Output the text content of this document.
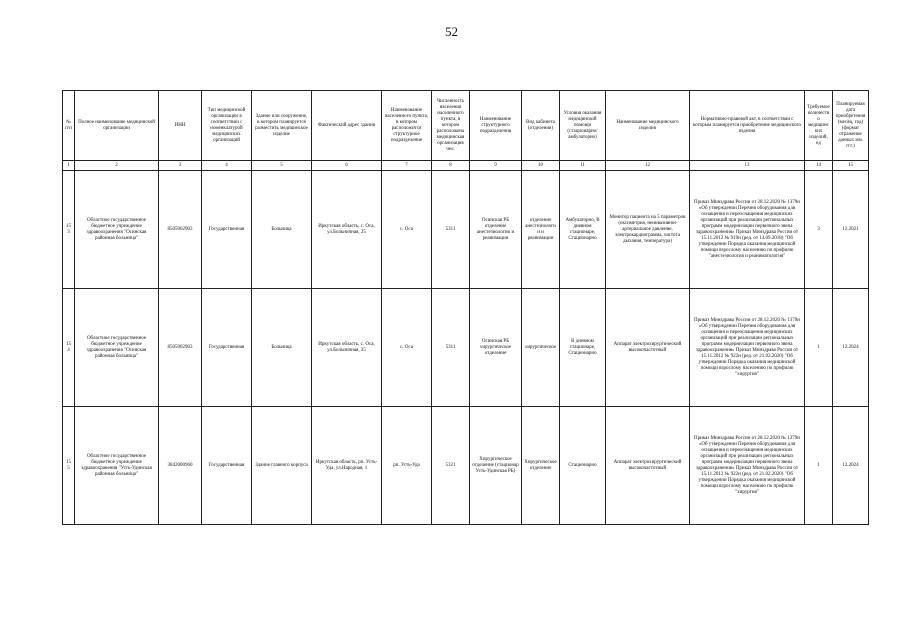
52
№ п/п	Полное наименование медицинской организации	ИНН	Тип медицинской организации в соответствии с номенклатурой медицинских организаций	Здание или сооружение, в котором планируется разместить медицинское изделие	Фактический адрес здания	Наименование населенного пункта, в котором расположится структурное подразделение	Численность населения населенного пункта, в котором расположена медицинская организация чел.	Наименование структурного подразделения	Вид кабинета (отделения)	Условия оказания медицинской помощи (стационарно/амбулаторно)	Наименование медицинского изделия	Нормативно-правовой акт, в соответствии с которым планируется приобретение медицинского изделия	Требуемое количество медицинских изделий, ед	Планируемая дата приобретения (месяц, год) (формат отражение данных мм. ггг.)
1	2	3	4	5	6	7	8	9	10	11	12	13	14	15
153	Областное государственное бюджетное учреждение здравоохранения "Осинская районная больница"	8505002903	Государственная	Больница	Иркутская область, с. Оса, ул.Больничная, 25	с. Оса	5311	Осинская РБ отделение анестезиологии и реанимации	отделение анестезиологии и реанимации	Амбулаторно, В дневном стационаре, Стационарно	Монитор пациента на 5 параметров (оксиметрия, неинвазивное артериальное давление, электрокардиограмма, частота дыхания, температура)	Приказ Минздрава России от 28.12.2020 № 1379н «Об утверждении Перечня оборудования для оснащения и переоснащения медицинских организаций при реализации региональных программ модернизации первичного звена здравоохранения» Приказ Минздрава России от 15.11.2012 № 919н (ред. от 14.09.2018) "Об утверждении Порядка оказания медицинской помощи взрослому населению по профилю "анестезиология и реаниматология"	3	12.2021
154	Областное государственное бюджетное учреждение здравоохранения "Осинская районная больница"	8505002903	Государственная	Больница	Иркутская область, с. Оса, ул.Больничная, 25	с. Оса	5311	Осинская РБ хирургическое отделение	хирургическое	В дневном стационаре, Стационарно	Аппарат электрохирургический высокочастотный	Приказ Минздрава России от 28.12.2020 № 1379н «Об утверждении Перечня оборудования для оснащения и переоснащения медицинских организаций при реализации региональных программ модернизации первичного звена здравоохранения» Приказ Минздрава России от 15.11.2012 № 922н (ред. от 21.02.2020) "Об утверждении Порядка оказания медицинской помощи взрослому населению по профилю "хирургия"	1	12.2024
155	Областное государственное бюджетное учреждение здравоохранения "Усть-Удинская районная больница"	3842000960	Государственная	Здание главного корпуса	Иркутская область, рп. Усть-Уда, ул.Народная, 1	рп. Усть-Уда	5321	Хирургическое отделение (стационар Усть-Удинская РБ)	Хирургическое отделение	Стационарно	Аппарат электрохирургический высокочастотный	Приказ Минздрава России от 28.12.2020 № 1379н «Об утверждении Перечня оборудования для оснащения и переоснащения медицинских организаций при реализации региональных программ модернизации первичного звена здравоохранения» Приказ Минздрава России от 15.11.2012 № 922н (ред. от 21.02.2020) "Об утверждении Порядка оказания медицинской помощи взрослому населению по профилю "хирургия"	1	12.2024
